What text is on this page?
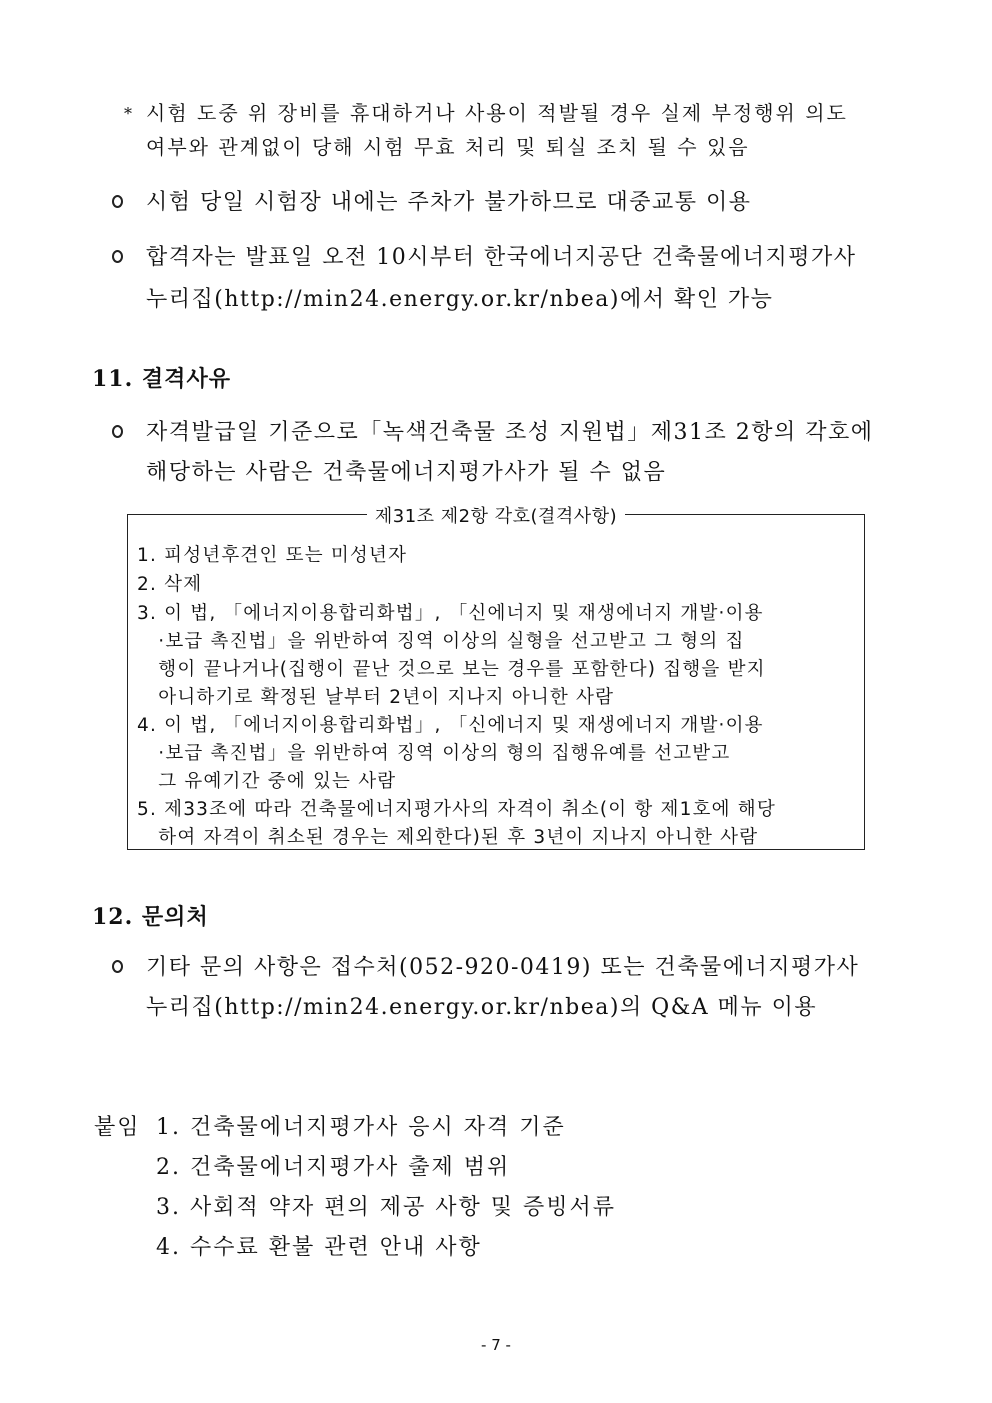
* 시험 도중 위 장비를 휴대하거나 사용이 적발될 경우 실제 부정행위 의도
여부와 관계없이 당해 시험 무효 처리 및 퇴실 조치 될 수 있음
시험 당일 시험장 내에는 주차가 불가하므로 대중교통 이용
합격자는 발표일 오전 10시부터 한국에너지공단 건축물에너지평가사
누리집(http://min24.energy.or.kr/nbea)에서 확인 가능
11. 결격사유
자격발급일 기준으로「녹색건축물 조성 지원법」제31조 2항의 각호에
해당하는 사람은 건축물에너지평가사가 될 수 없음
제31조 제2항 각호(결격사항)
1. 피성년후견인 또는 미성년자
2. 삭제
3. 이 법, 「에너지이용합리화법」, 「신에너지 및 재생에너지 개발·이용
·보급 촉진법」을 위반하여 징역 이상의 실형을 선고받고 그 형의 집
행이 끝나거나(집행이 끝난 것으로 보는 경우를 포함한다) 집행을 받지
아니하기로 확정된 날부터 2년이 지나지 아니한 사람
4. 이 법, 「에너지이용합리화법」, 「신에너지 및 재생에너지 개발·이용
·보급 촉진법」을 위반하여 징역 이상의 형의 집행유예를 선고받고
그 유예기간 중에 있는 사람
5. 제33조에 따라 건축물에너지평가사의 자격이 취소(이 항 제1호에 해당
하여 자격이 취소된 경우는 제외한다)된 후 3년이 지나지 아니한 사람
12. 문의처
기타 문의 사항은 접수처(052-920-0419) 또는 건축물에너지평가사
누리집(http://min24.energy.or.kr/nbea)의 Q&A 메뉴 이용
붙임 1. 건축물에너지평가사 응시 자격 기준
2. 건축물에너지평가사 출제 범위
3. 사회적 약자 편의 제공 사항 및 증빙서류
4. 수수료 환불 관련 안내 사항
- 7 -
